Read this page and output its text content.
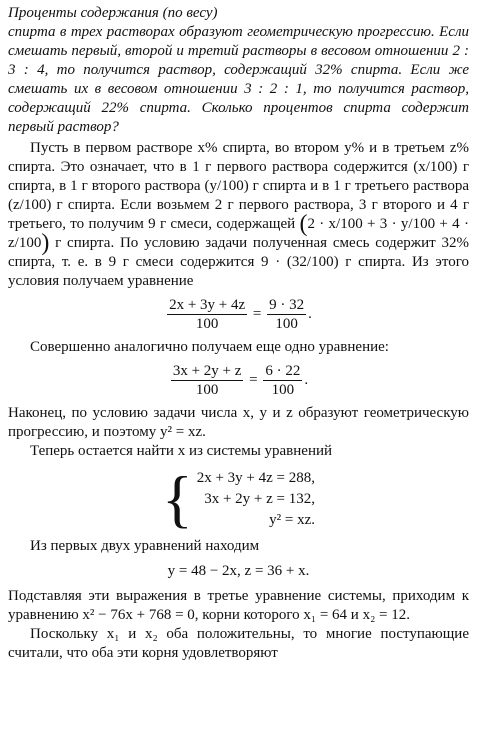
Проценты содержания (по весу)
спирта в трех растворах образуют геометрическую прогрессию. Если смешать первый, второй и третий растворы в весовом отношении 2 : 3 : 4, то получится раствор, содержащий 32% спирта. Если же смешать их в весовом отношении 3 : 2 : 1, то получится раствор, содержащий 22% спирта. Сколько процентов спирта содержит первый раствор?

Пусть в первом растворе x% спирта, во втором y% и в третьем z% спирта. Это означает, что в 1 г первого раствора содержится (x/100) г спирта, в 1 г второго раствора (y/100) г спирта и в 1 г третьего раствора (z/100) г спирта. Если возьмем 2 г первого раствора, 3 г второго и 4 г третьего, то получим 9 г смеси, содержащей (2 · x/100 + 3 · y/100 + 4 · z/100) г спирта. По условию задачи полученная смесь содержит 32% спирта, т. е. в 9 г смеси содержится 9 · (32/100) г спирта. Из этого условия получаем уравнение

$\frac{2x + 3y + 4z}{100} = \frac{9 \cdot 32}{100}$ .

Совершенно аналогично получаем еще одно уравнение:

$\frac{3x + 2y + z}{100} = \frac{6 \cdot 22}{100}$ .

Наконец, по условию задачи числа x, y и z образуют геометрическую прогрессию, и поэтому y² = xz.

Теперь остается найти x из системы уравнений

{ 2x + 3y + 4z = 288,
3x + 2y + z = 132,
y² = xz.

Из первых двух уравнений находим

y = 48 − 2x, z = 36 + x.

Подставляя эти выражения в третье уравнение системы, приходим к уравнению x² − 76x + 768 = 0, корни которого x₁ = 64 и x₂ = 12.

Поскольку x₁ и x₂ оба положительны, то многие поступающие считали, что оба эти корня удовлетворяют
